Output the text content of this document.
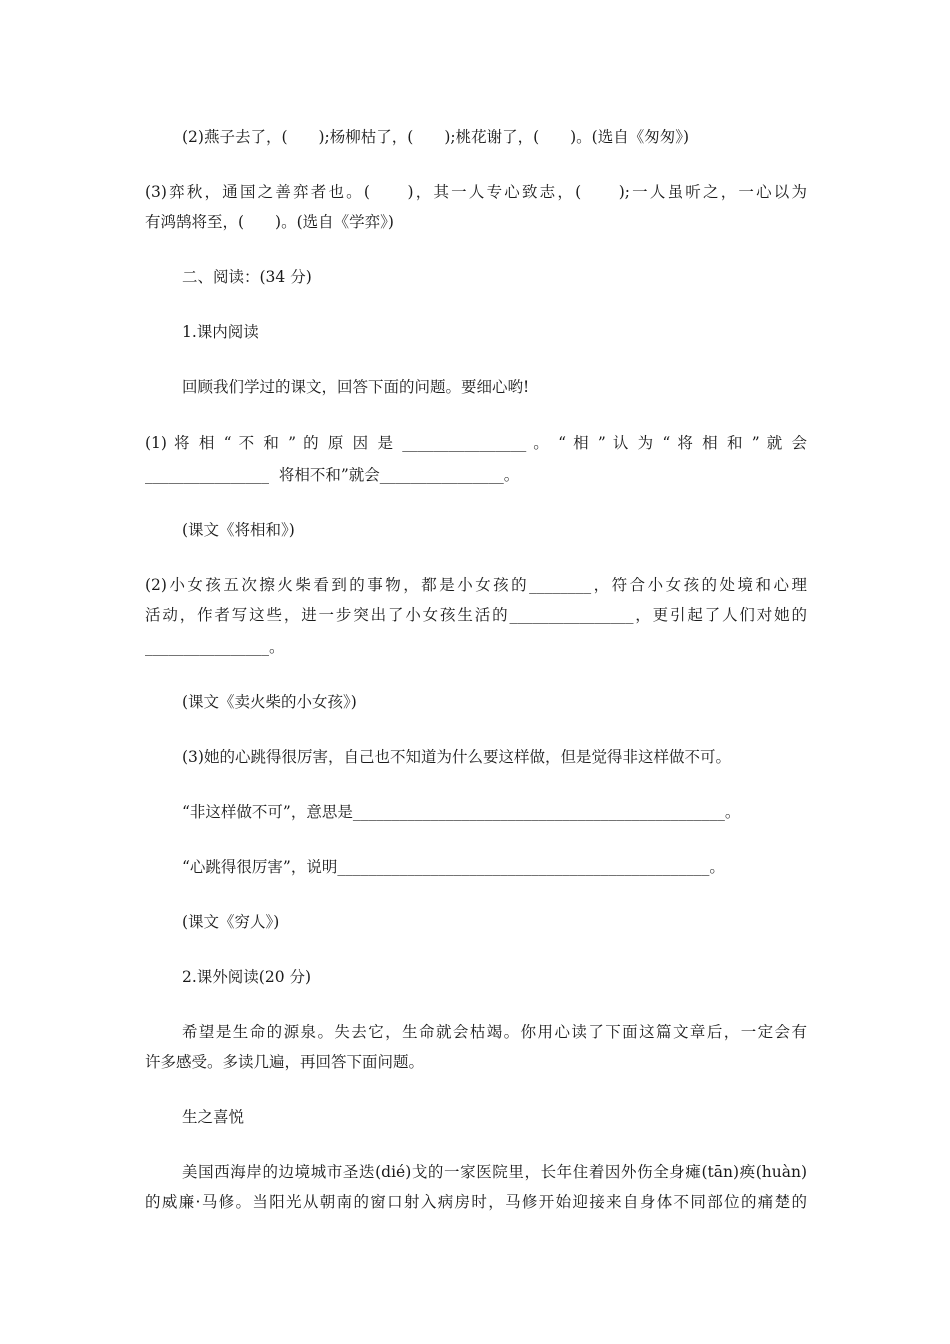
(2)燕子去了，(　　);杨柳枯了，(　　);桃花谢了，(　　)。(选自《匆匆》)

(3)弈秋，通国之善弈者也。(　　)，其一人专心致志，(　　);一人虽听之，一心以为

有鸿鹄将至，(　　)。(选自《学弈》)

二、阅读：(34 分)

1.课内阅读

回顾我们学过的课文，回答下面的问题。要细心哟!

(1) 将 相 “ 不 和 ” 的 原 因 是 ________________ 。 “ 相 ” 认 为 “ 将 相 和 ” 就 会

________________  将相不和”就会________________。

(课文《将相和》)

(2)小女孩五次擦火柴看到的事物，都是小女孩的________，符合小女孩的处境和心理

活动，作者写这些，进一步突出了小女孩生活的________________，更引起了人们对她的

________________。

(课文《卖火柴的小女孩》)

(3)她的心跳得很厉害，自己也不知道为什么要这样做，但是觉得非这样做不可。

“非这样做不可”，意思是________________________________________________。

“心跳得很厉害”，说明________________________________________________。

(课文《穷人》)

2.课外阅读(20 分)

希望是生命的源泉。失去它，生命就会枯竭。你用心读了下面这篇文章后，一定会有

许多感受。多读几遍，再回答下面问题。

生之喜悦

美国西海岸的边境城市圣迭(dié)戈的一家医院里，长年住着因外伤全身瘫(tān)痪(huàn)

的威廉·马修。当阳光从朝南的窗口射入病房时，马修开始迎接来自身体不同部位的痛楚的
